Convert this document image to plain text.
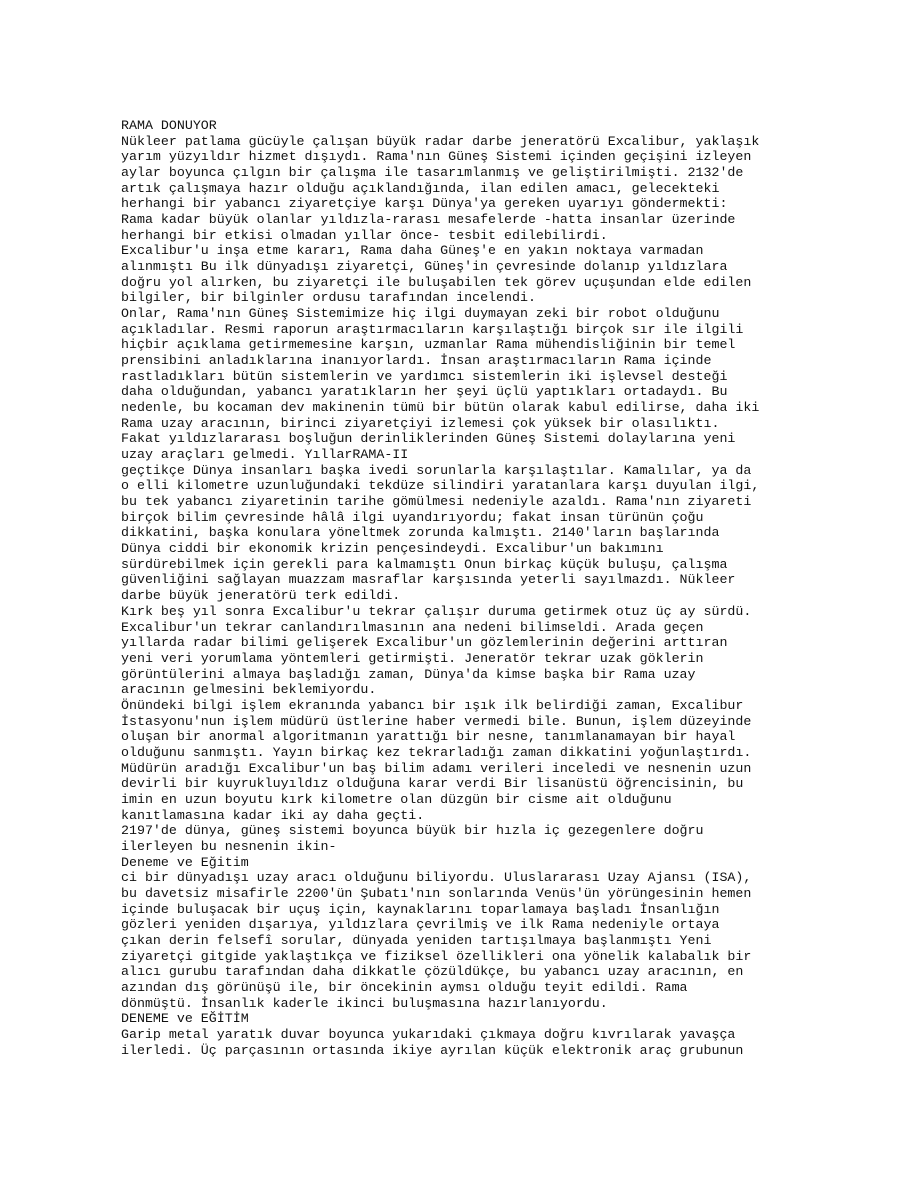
RAMA DONUYOR
Nükleer patlama gücüyle çalışan büyük radar darbe jeneratörü Excalibur, yaklaşık
yarım yüzyıldır hizmet dışıydı. Rama'nın Güneş Sistemi içinden geçişini izleyen
aylar boyunca çılgın bir çalışma ile tasarımlanmış ve geliştirilmişti. 2132'de
artık çalışmaya hazır olduğu açıklandığında, ilan edilen amacı, gelecekteki
herhangi bir yabancı ziyaretçiye karşı Dünya'ya gereken uyarıyı göndermekti:
Rama kadar büyük olanlar yıldızla-rarası mesafelerde -hatta insanlar üzerinde
herhangi bir etkisi olmadan yıllar önce- tesbit edilebilirdi.
Excalibur'u inşa etme kararı, Rama daha Güneş'e en yakın noktaya varmadan
alınmıştı Bu ilk dünyadışı ziyaretçi, Güneş'in çevresinde dolanıp yıldızlara
doğru yol alırken, bu ziyaretçi ile buluşabilen tek görev uçuşundan elde edilen
bilgiler, bir bilginler ordusu tarafından incelendi.
Onlar, Rama'nın Güneş Sistemimize hiç ilgi duymayan zeki bir robot olduğunu
açıkladılar. Resmi raporun araştırmacıların karşılaştığı birçok sır ile ilgili
hiçbir açıklama getirmemesine karşın, uzmanlar Rama mühendisliğinin bir temel
prensibini anladıklarına inanıyorlardı. İnsan araştırmacıların Rama içinde
rastladıkları bütün sistemlerin ve yardımcı sistemlerin iki işlevsel desteği
daha olduğundan, yabancı yaratıkların her şeyi üçlü yaptıkları ortadaydı. Bu
nedenle, bu kocaman dev makinenin tümü bir bütün olarak kabul edilirse, daha iki
Rama uzay aracının, birinci ziyaretçiyi izlemesi çok yüksek bir olasılıktı.
Fakat yıldızlararası boşluğun derinliklerinden Güneş Sistemi dolaylarına yeni
uzay araçları gelmedi. YıllarRAMA-II
geçtikçe Dünya insanları başka ivedi sorunlarla karşılaştılar. Kamalılar, ya da
o elli kilometre uzunluğundaki tekdüze silindiri yaratanlara karşı duyulan ilgi,
bu tek yabancı ziyaretinin tarihe gömülmesi nedeniyle azaldı. Rama'nın ziyareti
birçok bilim çevresinde hâlâ ilgi uyandırıyordu; fakat insan türünün çoğu
dikkatini, başka konulara yöneltmek zorunda kalmıştı. 2140'ların başlarında
Dünya ciddi bir ekonomik krizin pençesindeydi. Excalibur'un bakımını
sürdürebilmek için gerekli para kalmamıştı Onun birkaç küçük buluşu, çalışma
güvenliğini sağlayan muazzam masraflar karşısında yeterli sayılmazdı. Nükleer
darbe büyük jeneratörü terk edildi.
Kırk beş yıl sonra Excalibur'u tekrar çalışır duruma getirmek otuz üç ay sürdü.
Excalibur'un tekrar canlandırılmasının ana nedeni bilimseldi. Arada geçen
yıllarda radar bilimi gelişerek Excalibur'un gözlemlerinin değerini arttıran
yeni veri yorumlama yöntemleri getirmişti. Jeneratör tekrar uzak göklerin
görüntülerini almaya başladığı zaman, Dünya'da kimse başka bir Rama uzay
aracının gelmesini beklemiyordu.
Önündeki bilgi işlem ekranında yabancı bir ışık ilk belirdiği zaman, Excalibur
İstasyonu'nun işlem müdürü üstlerine haber vermedi bile. Bunun, işlem düzeyinde
oluşan bir anormal algoritmanın yarattığı bir nesne, tanımlanamayan bir hayal
olduğunu sanmıştı. Yayın birkaç kez tekrarladığı zaman dikkatini yoğunlaştırdı.
Müdürün aradığı Excalibur'un baş bilim adamı verileri inceledi ve nesnenin uzun
devirli bir kuyrukluyıldız olduğuna karar verdi Bir lisanüstü öğrencisinin, bu
imin en uzun boyutu kırk kilometre olan düzgün bir cisme ait olduğunu
kanıtlamasına kadar iki ay daha geçti.
2197'de dünya, güneş sistemi boyunca büyük bir hızla iç gezegenlere doğru
ilerleyen bu nesnenin ikin-
Deneme ve Eğitim
ci bir dünyadışı uzay aracı olduğunu biliyordu. Uluslararası Uzay Ajansı (ISA),
bu davetsiz misafirle 2200'ün Şubatı'nın sonlarında Venüs'ün yörüngesinin hemen
içinde buluşacak bir uçuş için, kaynaklarını toparlamaya başladı İnsanlığın
gözleri yeniden dışarıya, yıldızlara çevrilmiş ve ilk Rama nedeniyle ortaya
çıkan derin felsefî sorular, dünyada yeniden tartışılmaya başlanmıştı Yeni
ziyaretçi gitgide yaklaştıkça ve fiziksel özellikleri ona yönelik kalabalık bir
alıcı gurubu tarafından daha dikkatle çözüldükçe, bu yabancı uzay aracının, en
azından dış görünüşü ile, bir öncekinin aymsı olduğu teyit edildi. Rama
dönmüştü. İnsanlık kaderle ikinci buluşmasına hazırlanıyordu.
DENEME ve EĞİTİM
Garip metal yaratık duvar boyunca yukarıdaki çıkmaya doğru kıvrılarak yavaşça
ilerledi. Üç parçasının ortasında ikiye ayrılan küçük elektronik araç grubunun
